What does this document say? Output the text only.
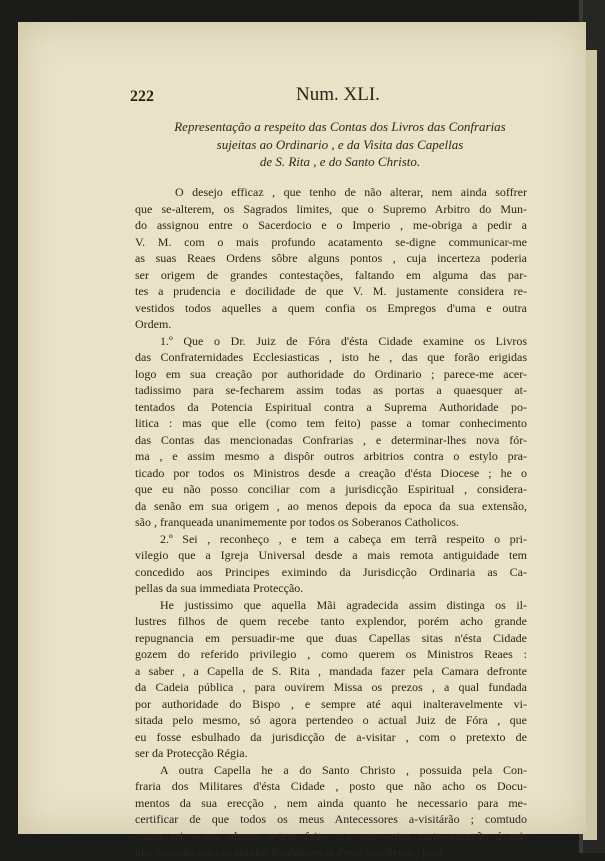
222	Num. XLI.
Representação a respeito das Contas dos Livros das Confrarias
sujeitas ao Ordinario , e da Visita das Capellas
de S. Rita , e do Santo Christo.
O desejo efficaz , que tenho de não alterar, nem ainda soffrer
que se-alterem, os Sagrados limites, que o Supremo Arbitro do Mun-
do assignou entre o Sacerdocio e o Imperio , me-obriga a pedir a
V. M. com o mais profundo acatamento se-digne communicar-me
as suas Reaes Ordens sôbre alguns pontos , cuja incerteza poderia
ser origem de grandes contestações, faltando em alguma das par-
tes a prudencia e docilidade de que V. M. justamente considera re-
vestidos todos aquelles a quem confia os Empregos d'uma e outra
Ordem.
1.º Que o Dr. Juiz de Fóra d'ésta Cidade examine os Livros
das Confraternidades Ecclesiasticas , isto he , das que forão erigidas
logo em sua creação por authoridade do Ordinario ; parece-me acer-
tadissimo para se-fecharem assim todas as portas a quaesquer at-
tentados da Potencia Espiritual contra a Suprema Authoridade po-
litica : mas que elle (como tem feito) passe a tomar conhecimento
das Contas das mencionadas Confrarias , e determinar-lhes nova fór-
ma , e assim mesmo a dispôr outros arbitrios contra o estylo pra-
ticado por todos os Ministros desde a creação d'ésta Diocese ; he o
que eu não posso conciliar com a jurisdicção Espiritual , considera-
da senão em sua origem , ao menos depois da epoca da sua extensão,
são , franqueada unanimemente por todos os Soberanos Catholicos.
2.º Sei , reconheço , e tem a cabeça em terrã respeito o pri-
vilegio que a Igreja Universal desde a mais remota antiguidade tem
concedido aos Principes eximindo da Jurisdicção Ordinaria as Ca-
pellas da sua immediata Protecção.
He justissimo que aquella Mãi agradecida assim distinga os il-
lustres filhos de quem recebe tanto explendor, porém acho grande
repugnancia em persuadir-me que duas Capellas sitas n'ésta Cidade
gozem do referido privilegio , como querem os Ministros Reaes :
a saber , a Capella de S. Rita , mandada fazer pela Camara defronte
da Cadeia pública , para ouvirem Missa os prezos , a qual fundada
por authoridade do Bispo , e sempre até aqui inalteravelmente vi-
sitada pelo mesmo, só agora pertendeo o actual Juiz de Fóra , que
eu fosse esbulhado da jurisdicção de a-visitar , com o pretexto de
ser da Protecção Régia.
A outra Capella he a do Santo Christo , possuida pela Con-
fraria dos Militares d'ésta Cidade , posto que não acho os Docu-
mentos da sua erecção , nem ainda quanto he necessario para me-
certificar de que todos os meus Antecessores a-visitárão ; comtudo
como sei , que alguns o-tem feito ; e por outra parte escapão á mi-
nha consideração os solidos fundamentos d'este privilegio , para
